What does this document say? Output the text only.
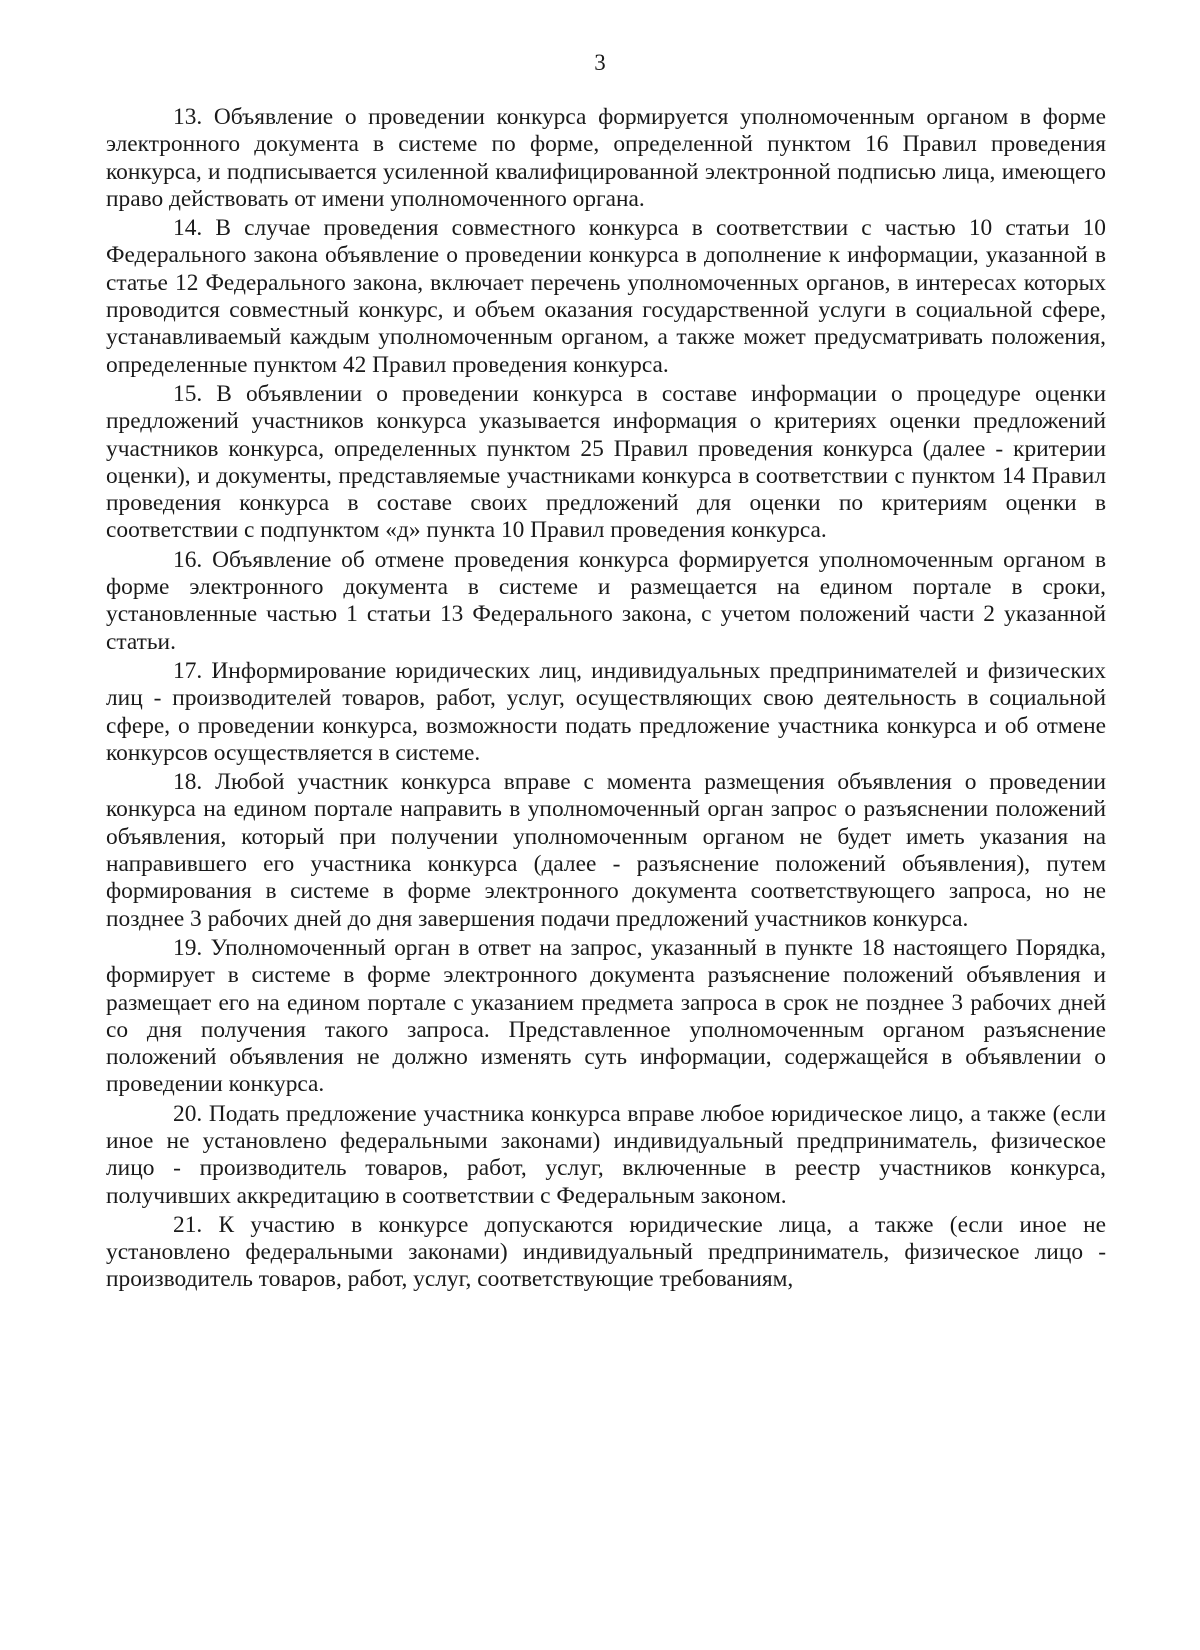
3

13. Объявление о проведении конкурса формируется уполномоченным органом в форме электронного документа в системе по форме, определенной пунктом 16 Правил проведения конкурса, и подписывается усиленной квалифицированной электронной подписью лица, имеющего право действовать от имени уполномоченного органа.

14. В случае проведения совместного конкурса в соответствии с частью 10 статьи 10 Федерального закона объявление о проведении конкурса в дополнение к информации, указанной в статье 12 Федерального закона, включает перечень уполномоченных органов, в интересах которых проводится совместный конкурс, и объем оказания государственной услуги в социальной сфере, устанавливаемый каждым уполномоченным органом, а также может предусматривать положения, определенные пунктом 42 Правил проведения конкурса.

15. В объявлении о проведении конкурса в составе информации о процедуре оценки предложений участников конкурса указывается информация о критериях оценки предложений участников конкурса, определенных пунктом 25 Правил проведения конкурса (далее - критерии оценки), и документы, представляемые участниками конкурса в соответствии с пунктом 14 Правил проведения конкурса в составе своих предложений для оценки по критериям оценки в соответствии с подпунктом «д» пункта 10 Правил проведения конкурса.

16. Объявление об отмене проведения конкурса формируется уполномоченным органом в форме электронного документа в системе и размещается на едином портале в сроки, установленные частью 1 статьи 13 Федерального закона, с учетом положений части 2 указанной статьи.

17. Информирование юридических лиц, индивидуальных предпринимателей и физических лиц - производителей товаров, работ, услуг, осуществляющих свою деятельность в социальной сфере, о проведении конкурса, возможности подать предложение участника конкурса и об отмене конкурсов осуществляется в системе.

18. Любой участник конкурса вправе с момента размещения объявления о проведении конкурса на едином портале направить в уполномоченный орган запрос о разъяснении положений объявления, который при получении уполномоченным органом не будет иметь указания на направившего его участника конкурса (далее - разъяснение положений объявления), путем формирования в системе в форме электронного документа соответствующего запроса, но не позднее 3 рабочих дней до дня завершения подачи предложений участников конкурса.

19. Уполномоченный орган в ответ на запрос, указанный в пункте 18 настоящего Порядка, формирует в системе в форме электронного документа разъяснение положений объявления и размещает его на едином портале с указанием предмета запроса в срок не позднее 3 рабочих дней со дня получения такого запроса. Представленное уполномоченным органом разъяснение положений объявления не должно изменять суть информации, содержащейся в объявлении о проведении конкурса.

20. Подать предложение участника конкурса вправе любое юридическое лицо, а также (если иное не установлено федеральными законами) индивидуальный предприниматель, физическое лицо - производитель товаров, работ, услуг, включенные в реестр участников конкурса, получивших аккредитацию в соответствии с Федеральным законом.

21. К участию в конкурсе допускаются юридические лица, а также (если иное не установлено федеральными законами) индивидуальный предприниматель, физическое лицо - производитель товаров, работ, услуг, соответствующие требованиям,
